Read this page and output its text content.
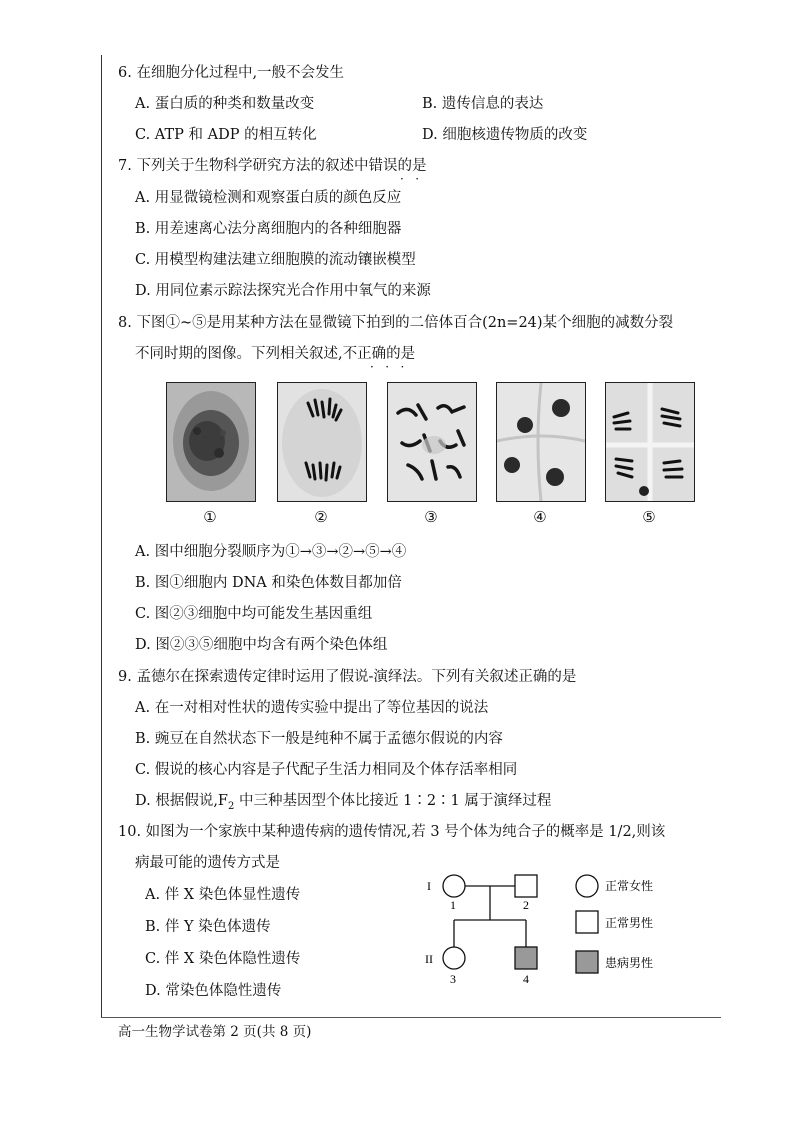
6. 在细胞分化过程中,一般不会发生
A. 蛋白质的种类和数量改变	B. 遗传信息的表达
C. ATP 和 ADP 的相互转化	D. 细胞核遗传物质的改变
7. 下列关于生物科学研究方法的叙述中错误的是
·   ·
A. 用显微镜检测和观察蛋白质的颜色反应
B. 用差速离心法分离细胞内的各种细胞器
C. 用模型构建法建立细胞膜的流动镶嵌模型
D. 用同位素示踪法探究光合作用中氧气的来源
8. 下图①~⑤是用某种方法在显微镜下拍到的二倍体百合(2n=24)某个细胞的减数分裂
不同时期的图像。下列相关叙述,不正确的是
·   ·   ·
①	②	③	④	⑤
A. 图中细胞分裂顺序为①→③→②→⑤→④
B. 图①细胞内 DNA 和染色体数目都加倍
C. 图②③细胞中均可能发生基因重组
D. 图②③⑤细胞中均含有两个染色体组
9. 孟德尔在探索遗传定律时运用了假说-演绎法。下列有关叙述正确的是
A. 在一对相对性状的遗传实验中提出了等位基因的说法
B. 豌豆在自然状态下一般是纯种不属于孟德尔假说的内容
C. 假说的核心内容是子代配子生活力相同及个体存活率相同
D. 根据假说$,F_2$ 中三种基因型个体比接近 1∶2∶1 属于演绎过程
10. 如图为一个家族中某种遗传病的遗传情况,若 3 号个体为纯合子的概率是 1/2,则该
病最可能的遗传方式是
A. 伴 X 染色体显性遗传
B. 伴 Y 染色体遗传
C. 伴 X 染色体隐性遗传
D. 常染色体隐性遗传
I
1	2
II
3	4
正常女性
正常男性
患病男性
高一生物学试卷第 2 页(共 8 页)
